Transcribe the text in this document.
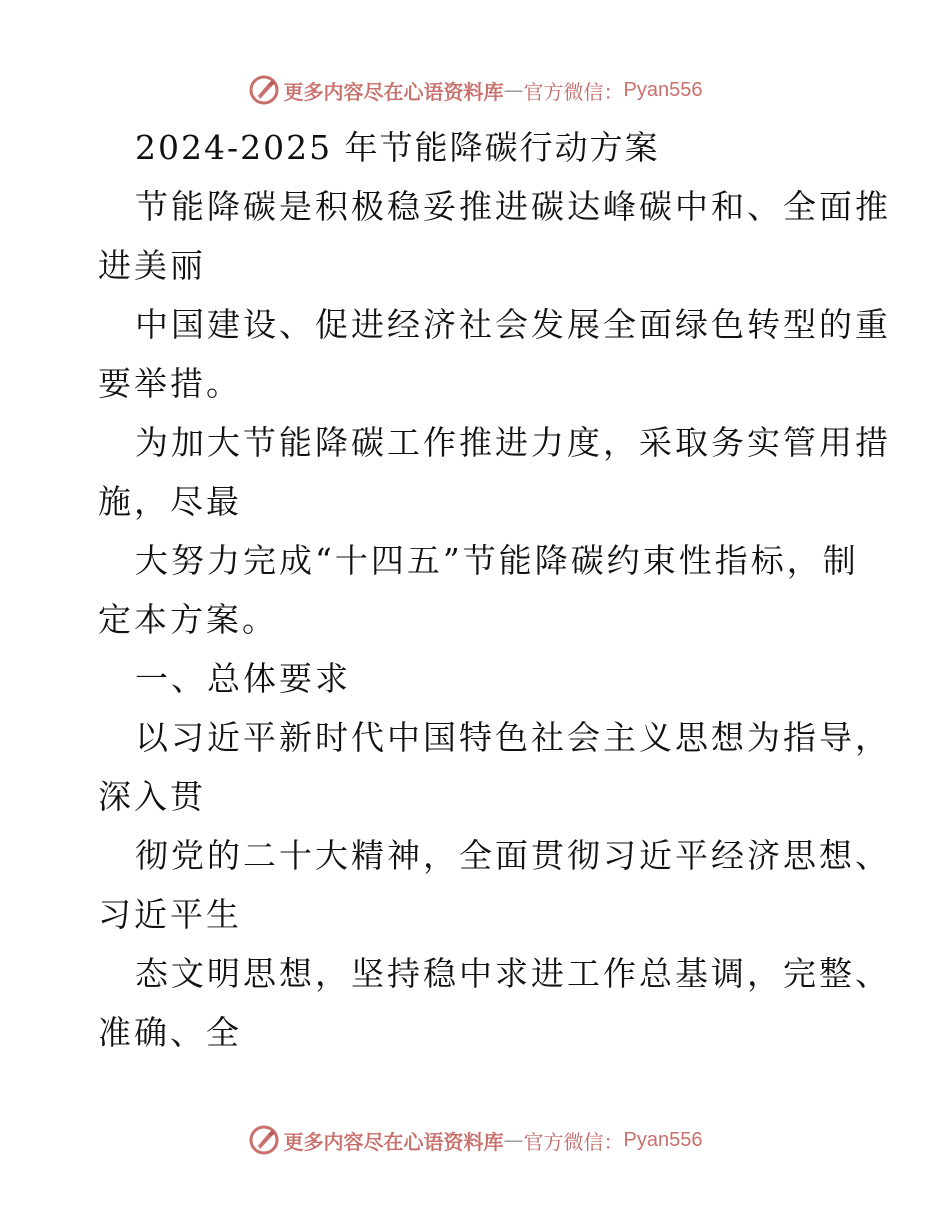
更多内容尽在心语资料库 — 官方微信： Pyan556
2024-2025 年节能降碳行动方案
节能降碳是积极稳妥推进碳达峰碳中和、全面推
进美丽
中国建设、促进经济社会发展全面绿色转型的重
要举措。
为加大节能降碳工作推进力度，采取务实管用措
施，尽最
大努力完成“十四五”节能降碳约束性指标，制
定本方案。
一、总体要求
以习近平新时代中国特色社会主义思想为指导，
深入贯
彻党的二十大精神，全面贯彻习近平经济思想、
习近平生
态文明思想，坚持稳中求进工作总基调，完整、
准确、全
更多内容尽在心语资料库 — 官方微信： Pyan556
